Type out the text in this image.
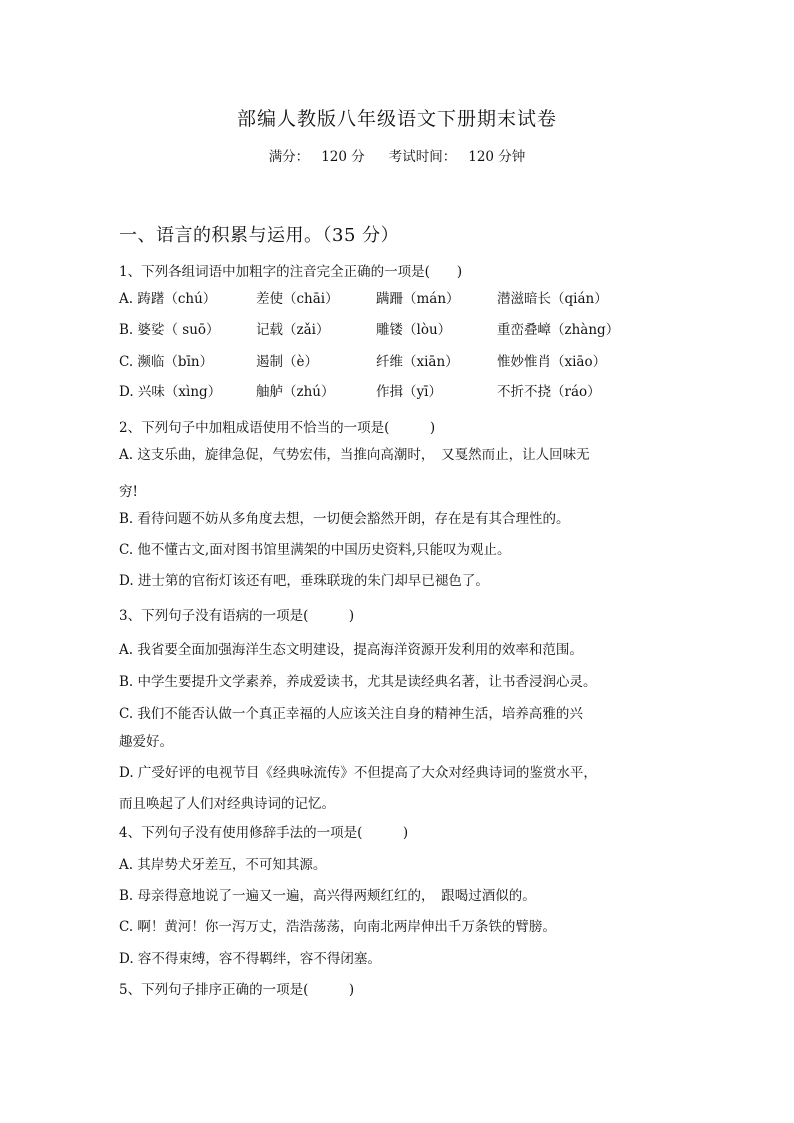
部编人教版八年级语文下册期末试卷
满分： 120 分 考试时间： 120 分钟
一、语言的积累与运用。（35 分）
1、下列各组词语中加粗字的注音完全正确的一项是(　　)
A. 踌躇（chú）	差使（chāi）	蹒跚（mán）	潜滋暗长（qián）
B. 婆娑（ suō）	记载（zǎi）	雕镂（lòu）	重峦叠嶂（zhàng）
C. 濒临（bīn）	遏制（è）	纤维（xiān）	惟妙惟肖（xiāo）
D. 兴味（xìng）	舳舻（zhú）	作揖（yī）	不折不挠（ráo）
2、下列句子中加粗成语使用不恰当的一项是(　　　)
A. 这支乐曲，旋律急促，气势宏伟，当推向高潮时，　又戛然而止，让人回味无
穷!
B. 看待问题不妨从多角度去想，一切便会豁然开朗，存在是有其合理性的。
C. 他不懂古文,面对图书馆里满架的中国历史资料,只能叹为观止。
D. 进士第的官衔灯该还有吧，垂珠联珑的朱门却早已褪色了。
3、下列句子没有语病的一项是(　　　)
A. 我省要全面加强海洋生态文明建设，提高海洋资源开发利用的效率和范围。
B. 中学生要提升文学素养，养成爱读书，尤其是读经典名著，让书香浸润心灵。
C. 我们不能否认做一个真正幸福的人应该关注自身的精神生活，培养高雅的兴
趣爱好。
D. 广受好评的电视节目《经典咏流传》不但提高了大众对经典诗词的鉴赏水平，
而且唤起了人们对经典诗词的记忆。
4、下列句子没有使用修辞手法的一项是(　　　)
A. 其岸势犬牙差互，不可知其源。
B. 母亲得意地说了一遍又一遍，高兴得两颊红红的，　跟喝过酒似的。
C. 啊！黄河！你一泻万丈，浩浩荡荡，向南北两岸伸出千万条铁的臂膀。
D. 容不得束缚，容不得羁绊，容不得闭塞。
5、下列句子排序正确的一项是(　　　)
